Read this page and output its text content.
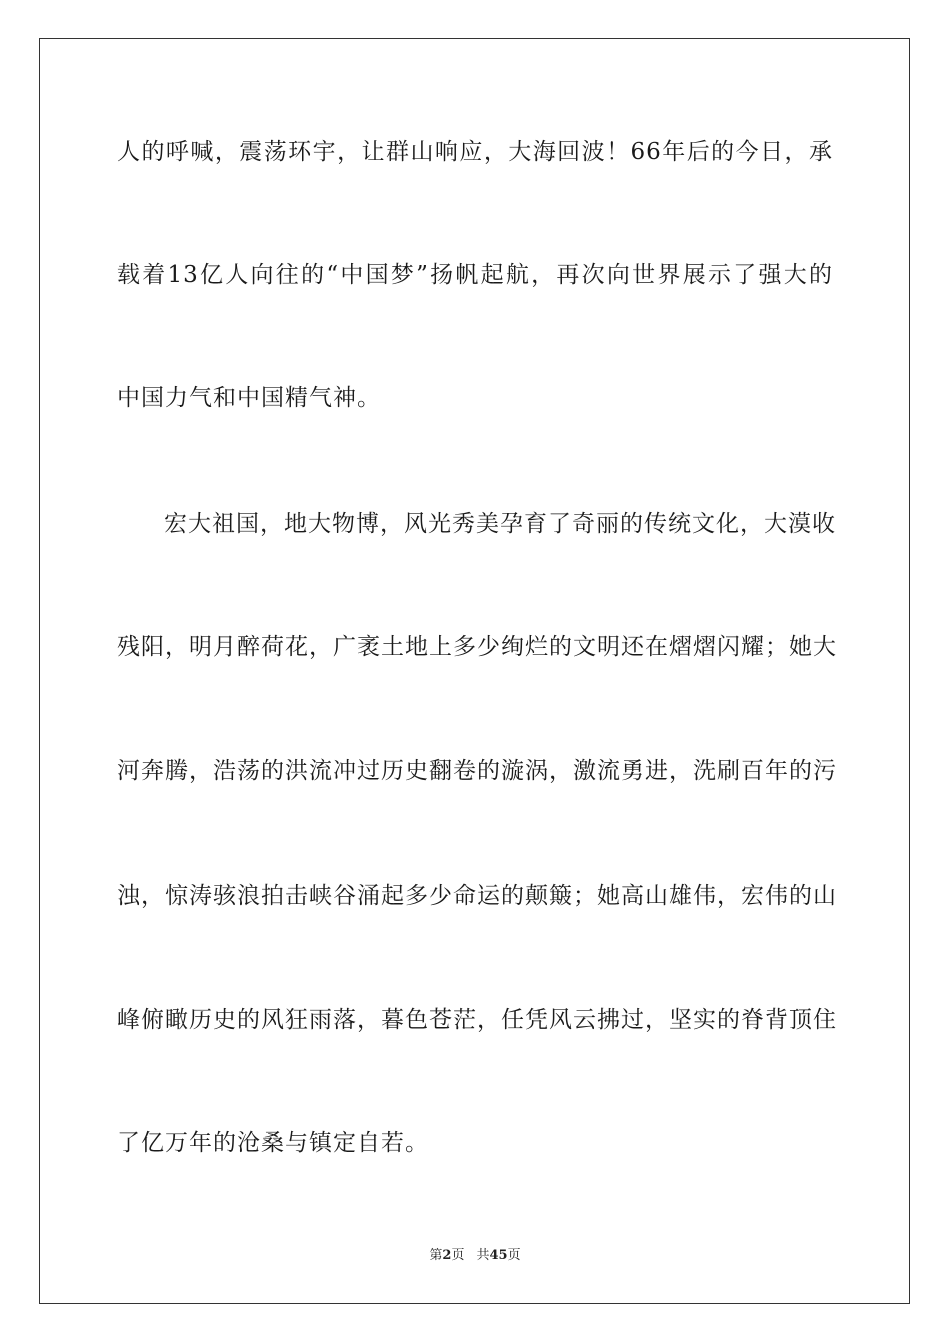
人的呼喊，震荡环宇，让群山响应，大海回波！66年后的今日，承
载着13亿人向往的“中国梦”扬帆起航，再次向世界展示了强大的
中国力气和中国精气神。
宏大祖国，地大物博，风光秀美孕育了奇丽的传统文化，大漠收
残阳，明月醉荷花，广袤土地上多少绚烂的文明还在熠熠闪耀；她大
河奔腾，浩荡的洪流冲过历史翻卷的漩涡，激流勇进，洗刷百年的污
浊，惊涛骇浪拍击峡谷涌起多少命运的颠簸；她高山雄伟，宏伟的山
峰俯瞰历史的风狂雨落，暮色苍茫，任凭风云拂过，坚实的脊背顶住
了亿万年的沧桑与镇定自若。
第2页 共45页
